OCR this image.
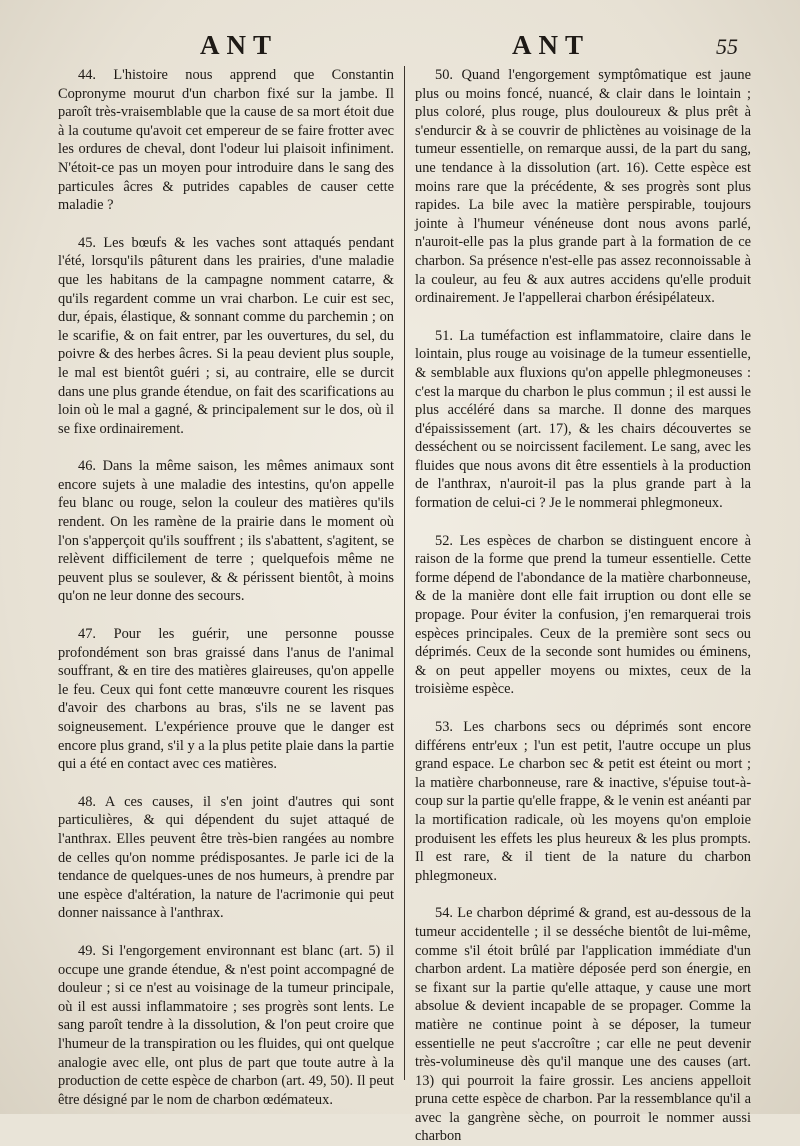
ANT	ANT	55

44. L'histoire nous apprend que Constantin Copronyme mourut d'un charbon fixé sur la jambe. Il paroît très-vraisemblable que la cause de sa mort étoit due à la coutume qu'avoit cet empereur de se faire frotter avec les ordures de cheval, dont l'odeur lui plaisoit infiniment. N'étoit-ce pas un moyen pour introduire dans le sang des particules âcres & putrides capables de causer cette maladie ?

45. Les bœufs & les vaches sont attaqués pendant l'été, lorsqu'ils pâturent dans les prairies, d'une maladie que les habitans de la campagne nomment catarre, & qu'ils regardent comme un vrai charbon. Le cuir est sec, dur, épais, élastique, & sonnant comme du parchemin ; on le scarifie, & on fait entrer, par les ouvertures, du sel, du poivre & des herbes âcres. Si la peau devient plus souple, le mal est bientôt guéri ; si, au contraire, elle se durcit dans une plus grande étendue, on fait des scarifications au loin où le mal a gagné, & principalement sur le dos, où il se fixe ordinairement.

46. Dans la même saison, les mêmes animaux sont encore sujets à une maladie des intestins, qu'on appelle feu blanc ou rouge, selon la couleur des matières qu'ils rendent. On les ramène de la prairie dans le moment où l'on s'apperçoit qu'ils souffrent ; ils s'abattent, s'agitent, se relèvent difficilement de terre ; quelquefois même ne peuvent plus se soulever, & & périssent bientôt, à moins qu'on ne leur donne des secours.

47. Pour les guérir, une personne pousse profondément son bras graissé dans l'anus de l'animal souffrant, & en tire des matières glaireuses, qu'on appelle le feu. Ceux qui font cette manœuvre courent les risques d'avoir des charbons au bras, s'ils ne se lavent pas soigneusement. L'expérience prouve que le danger est encore plus grand, s'il y a la plus petite plaie dans la partie qui a été en contact avec ces matières.

48. A ces causes, il s'en joint d'autres qui sont particulières, & qui dépendent du sujet attaqué de l'anthrax. Elles peuvent être très-bien rangées au nombre de celles qu'on nomme prédisposantes. Je parle ici de la tendance de quelques-unes de nos humeurs, à prendre par une espèce d'altération, la nature de l'acrimonie qui peut donner naissance à l'anthrax.

49. Si l'engorgement environnant est blanc (art. 5) il occupe une grande étendue, & n'est point accompagné de douleur ; si ce n'est au voisinage de la tumeur principale, où il est aussi inflammatoire ; ses progrès sont lents. Le sang paroît tendre à la dissolution, & l'on peut croire que l'humeur de la transpiration ou les fluides, qui ont quelque analogie avec elle, ont plus de part que toute autre à la production de cette espèce de charbon (art. 49, 50). Il peut être désigné par le nom de charbon œdémateux.

50. Quand l'engorgement symptômatique est jaune plus ou moins foncé, nuancé, & clair dans le lointain ; plus coloré, plus rouge, plus douloureux & plus prêt à s'endurcir & à se couvrir de phlictènes au voisinage de la tumeur essentielle, on remarque aussi, de la part du sang, une tendance à la dissolution (art. 16). Cette espèce est moins rare que la précédente, & ses progrès sont plus rapides. La bile avec la matière perspirable, toujours jointe à l'humeur vénéneuse dont nous avons parlé, n'auroit-elle pas la plus grande part à la formation de ce charbon. Sa présence n'est-elle pas assez reconnoissable à la couleur, au feu & aux autres accidens qu'elle produit ordinairement. Je l'appellerai charbon érésipélateux.

51. La tuméfaction est inflammatoire, claire dans le lointain, plus rouge au voisinage de la tumeur essentielle, & semblable aux fluxions qu'on appelle phlegmoneuses : c'est la marque du charbon le plus commun ; il est aussi le plus accéléré dans sa marche. Il donne des marques d'épaississement (art. 17), & les chairs découvertes se desséchent ou se noircissent facilement. Le sang, avec les fluides que nous avons dit être essentiels à la production de l'anthrax, n'auroit-il pas la plus grande part à la formation de celui-ci ? Je le nommerai phlegmoneux.

52. Les espèces de charbon se distinguent encore à raison de la forme que prend la tumeur essentielle. Cette forme dépend de l'abondance de la matière charbonneuse, & de la manière dont elle fait irruption ou dont elle se propage. Pour éviter la confusion, j'en remarquerai trois espèces principales. Ceux de la première sont secs ou déprimés. Ceux de la seconde sont humides ou éminens, & on peut appeller moyens ou mixtes, ceux de la troisième espèce.

53. Les charbons secs ou déprimés sont encore différens entr'eux ; l'un est petit, l'autre occupe un plus grand espace. Le charbon sec & petit est éteint ou mort ; la matière charbonneuse, rare & inactive, s'épuise tout-à-coup sur la partie qu'elle frappe, & le venin est anéanti par la mortification radicale, où les moyens qu'on emploie produisent les effets les plus heureux & les plus prompts. Il est rare, & il tient de la nature du charbon phlegmoneux.

54. Le charbon déprimé & grand, est au-dessous de la tumeur accidentelle ; il se desséche bientôt de lui-même, comme s'il étoit brûlé par l'application immédiate d'un charbon ardent. La matière déposée perd son énergie, en se fixant sur la partie qu'elle attaque, y cause une mort absolue & devient incapable de se propager. Comme la matière ne continue point à se déposer, la tumeur essentielle ne peut s'accroître ; car elle ne peut devenir très-volumineuse dès qu'il manque une des causes (art. 13) qui pourroit la faire grossir. Les anciens appelloit pruna cette espèce de charbon. Par la ressemblance qu'il a avec la gangrène sèche, on pourroit le nommer aussi charbon
